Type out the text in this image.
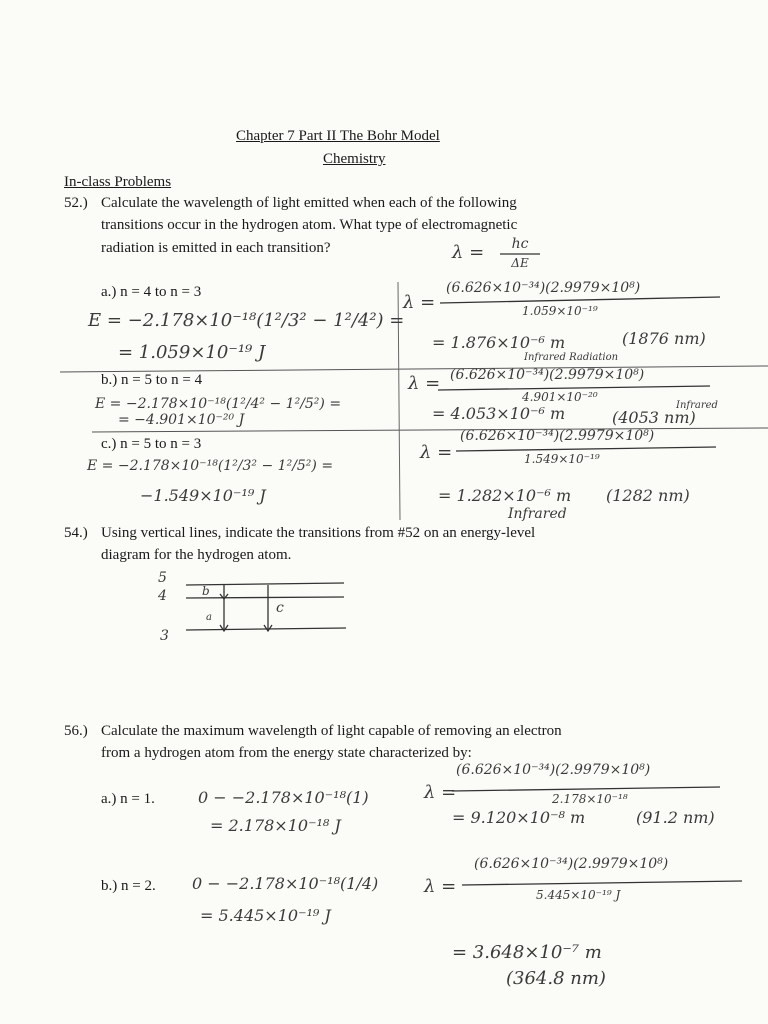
Chapter 7 Part II The Bohr Model
Chemistry
In-class Problems
52.) Calculate the wavelength of light emitted when each of the following
transitions occur in the hydrogen atom. What type of electromagnetic
radiation is emitted in each transition?	λ =	hc
ΔE
a.) n = 4 to n = 3
E = −2.178×10⁻¹⁸(1²/3² − 1²/4²) =
= 1.059×10⁻¹⁹ J
λ =
(6.626×10⁻³⁴)(2.9979×10⁸)
1.059×10⁻¹⁹
= 1.876×10⁻⁶ m	(1876 nm)
Infrared Radiation
b.) n = 5 to n = 4
E = −2.178×10⁻¹⁸(1²/4² − 1²/5²) =
= −4.901×10⁻²⁰ J
λ = (6.626×10⁻³⁴)(2.9979×10⁸)
4.901×10⁻²⁰
Infrared
= 4.053×10⁻⁶ m	(4053 nm)
c.) n = 5 to n = 3
E = −2.178×10⁻¹⁸(1²/3² − 1²/5²) =
−1.549×10⁻¹⁹ J
λ =
(6.626×10⁻³⁴)(2.9979×10⁸)
1.549×10⁻¹⁹
= 1.282×10⁻⁶ m (1282 nm)
Infrared
54.) Using vertical lines, indicate the transitions from #52 on an energy-level
diagram for the hydrogen atom.
5
4
3
a
b
c
56.) Calculate the maximum wavelength of light capable of removing an electron
from a hydrogen atom from the energy state characterized by:
a.) n = 1.	0 − −2.178×10⁻¹⁸(1)
= 2.178×10⁻¹⁸ J
λ =
(6.626×10⁻³⁴)(2.9979×10⁸)
2.178×10⁻¹⁸
= 9.120×10⁻⁸ m	(91.2 nm)
b.) n = 2. 0 − −2.178×10⁻¹⁸(1/4)
= 5.445×10⁻¹⁹ J
λ =
(6.626×10⁻³⁴)(2.9979×10⁸)
5.445×10⁻¹⁹ J
= 3.648×10⁻⁷ m
(364.8 nm)
